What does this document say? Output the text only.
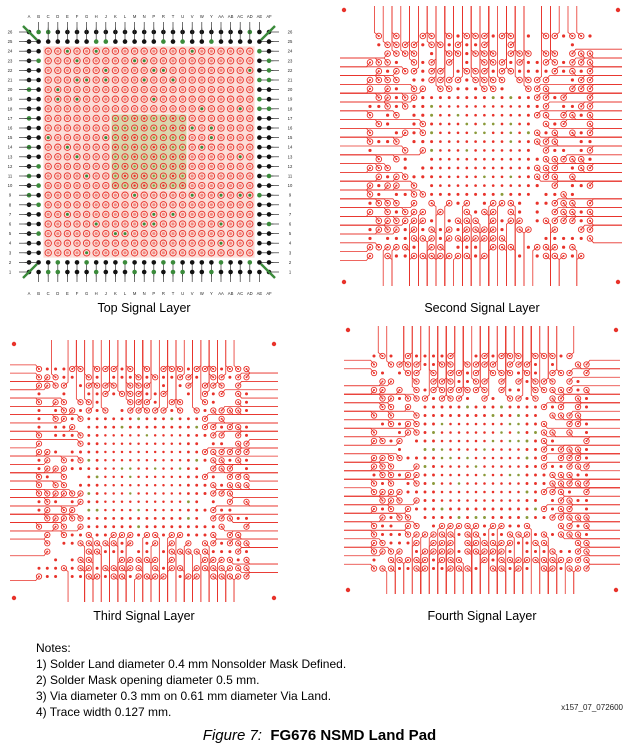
A
A
B
B
C
C
D
D
E
E
F
F
G
G
H
H
J
J
K
K
L
L
M
M
N
N
P
P
R
R
T
T
U
U
V
V
W
W
Y
Y
AA
AA
AB
AB
AC
AC
AD
AD
AE
AE
AF
AF
26	26
25	25
24	24
23	23
22	22
21	21
20	20
19	19
18	18
17	17
16	16
15	15
14	14
13	13
12	12
11	11
10	10
9	9
8	8
7	7
6	6
5	5
4	4
3	3
2	2
1	1
Top Signal Layer	Second Signal Layer
Third Signal Layer	Fourth Signal Layer
Notes:
1) Solder Land diameter 0.4 mm Nonsolder Mask Defined.
2) Solder Mask opening diameter 0.5 mm.
3) Via diameter 0.3 mm on 0.61 mm diameter Via Land.
4) Trace width 0.127 mm.	x157_07_072600
Figure 7: FG676 NSMD Land Pad
